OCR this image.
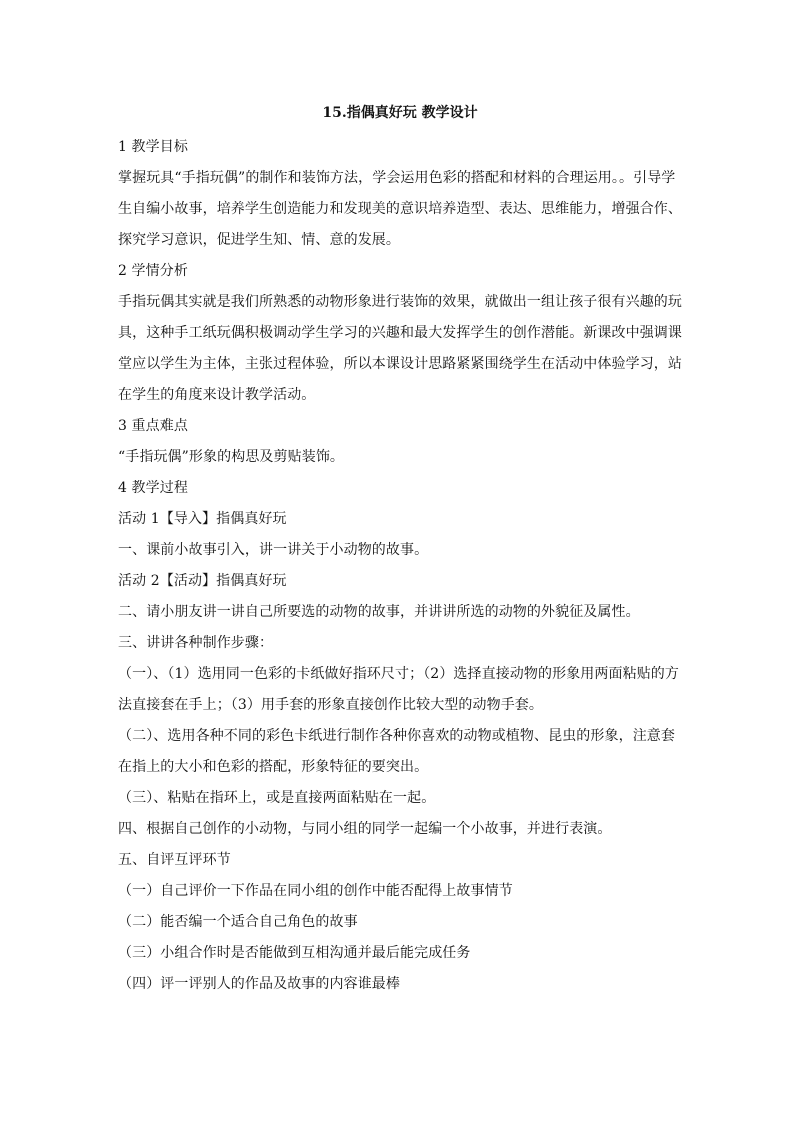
15.指偶真好玩 教学设计

1 教学目标

掌握玩具“手指玩偶”的制作和装饰方法，学会运用色彩的搭配和材料的合理运用。。引导学生自编小故事，培养学生创造能力和发现美的意识培养造型、表达、思维能力，增强合作、探究学习意识，促进学生知、情、意的发展。

2 学情分析

手指玩偶其实就是我们所熟悉的动物形象进行装饰的效果，就做出一组让孩子很有兴趣的玩具，这种手工纸玩偶积极调动学生学习的兴趣和最大发挥学生的创作潜能。新课改中强调课堂应以学生为主体，主张过程体验，所以本课设计思路紧紧围绕学生在活动中体验学习，站在学生的角度来设计教学活动。

3 重点难点

“手指玩偶”形象的构思及剪贴装饰。

4 教学过程

活动 1【导入】指偶真好玩

一、课前小故事引入，讲一讲关于小动物的故事。

活动 2【活动】指偶真好玩

二、请小朋友讲一讲自己所要选的动物的故事，并讲讲所选的动物的外貌征及属性。

三、讲讲各种制作步骤：

（一）、（1）选用同一色彩的卡纸做好指环尺寸；（2）选择直接动物的形象用两面粘贴的方法直接套在手上；（3）用手套的形象直接创作比较大型的动物手套。

（二）、选用各种不同的彩色卡纸进行制作各种你喜欢的动物或植物、昆虫的形象，注意套在指上的大小和色彩的搭配，形象特征的要突出。

（三）、粘贴在指环上，或是直接两面粘贴在一起。

四、根据自己创作的小动物，与同小组的同学一起编一个小故事，并进行表演。

五、自评互评环节

（一）自己评价一下作品在同小组的创作中能否配得上故事情节

（二）能否编一个适合自己角色的故事

（三）小组合作时是否能做到互相沟通并最后能完成任务

（四）评一评别人的作品及故事的内容谁最棒
